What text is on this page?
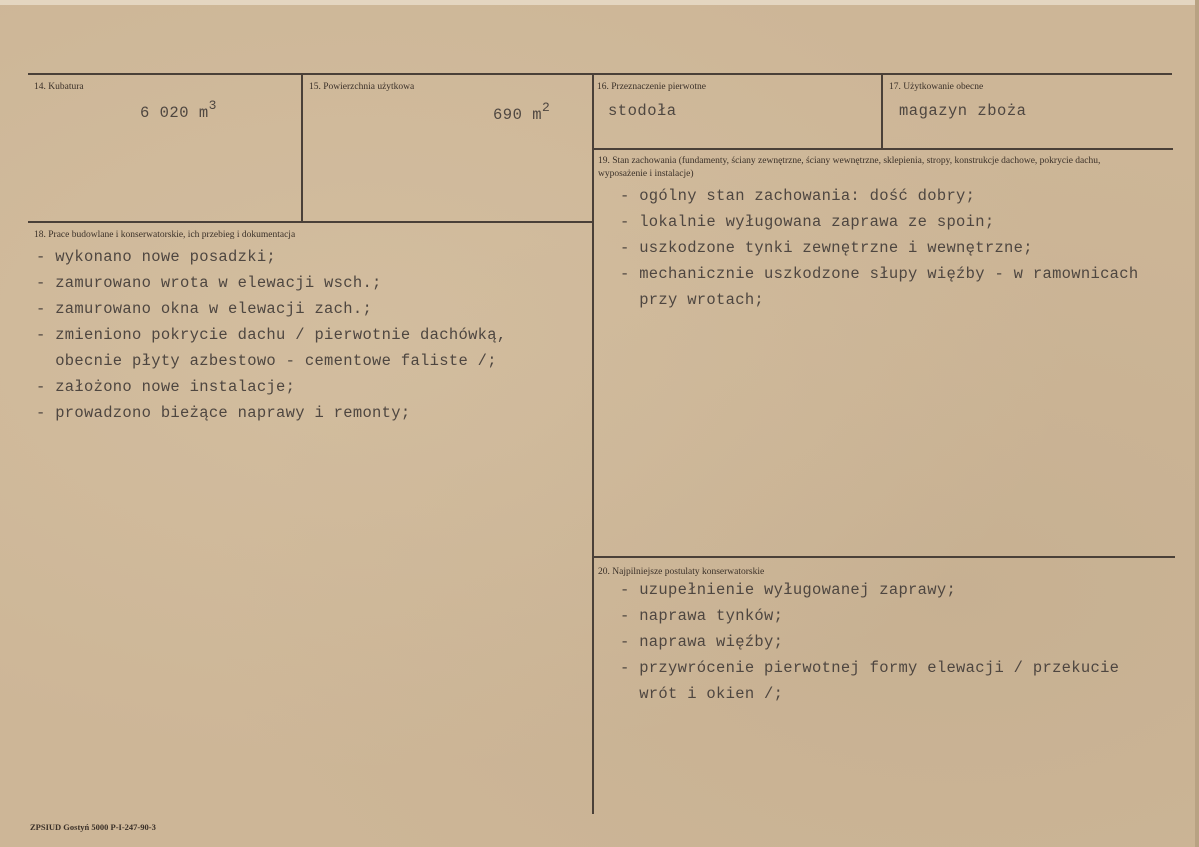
14. Kubatura
6 020 $m^3$
15. Powierzchnia użytkowa
690 $m^2$
16. Przeznaczenie pierwotne
stodoła
17. Użytkowanie obecne
magazyn zboża
18. Prace budowlane i konserwatorskie, ich przebieg i dokumentacja
- wykonano nowe posadzki;
- zamurowano wrota w elewacji wsch.;
- zamurowano okna w elewacji zach.;
- zmieniono pokrycie dachu / pierwotnie dachówką,
obecnie płyty azbestowo - cementowe faliste /;
- założono nowe instalacje;
- prowadzono bieżące naprawy i remonty;
19. Stan zachowania (fundamenty, ściany zewnętrzne, ściany wewnętrzne, sklepienia, stropy, konstrukcje dachowe, pokrycie dachu, wyposażenie i instalacje)
- ogólny stan zachowania: dość dobry;
- lokalnie wyługowana zaprawa ze spoin;
- uszkodzone tynki zewnętrzne i wewnętrzne;
- mechanicznie uszkodzone słupy więźby - w ramownicach
przy wrotach;
20. Najpilniejsze postulaty konserwatorskie
- uzupełnienie wyługowanej zaprawy;
- naprawa tynków;
- naprawa więźby;
- przywrócenie pierwotnej formy elewacji / przekucie
wrót i okien /;
ZPSIUD Gostyń 5000 P-I-247-90-3
